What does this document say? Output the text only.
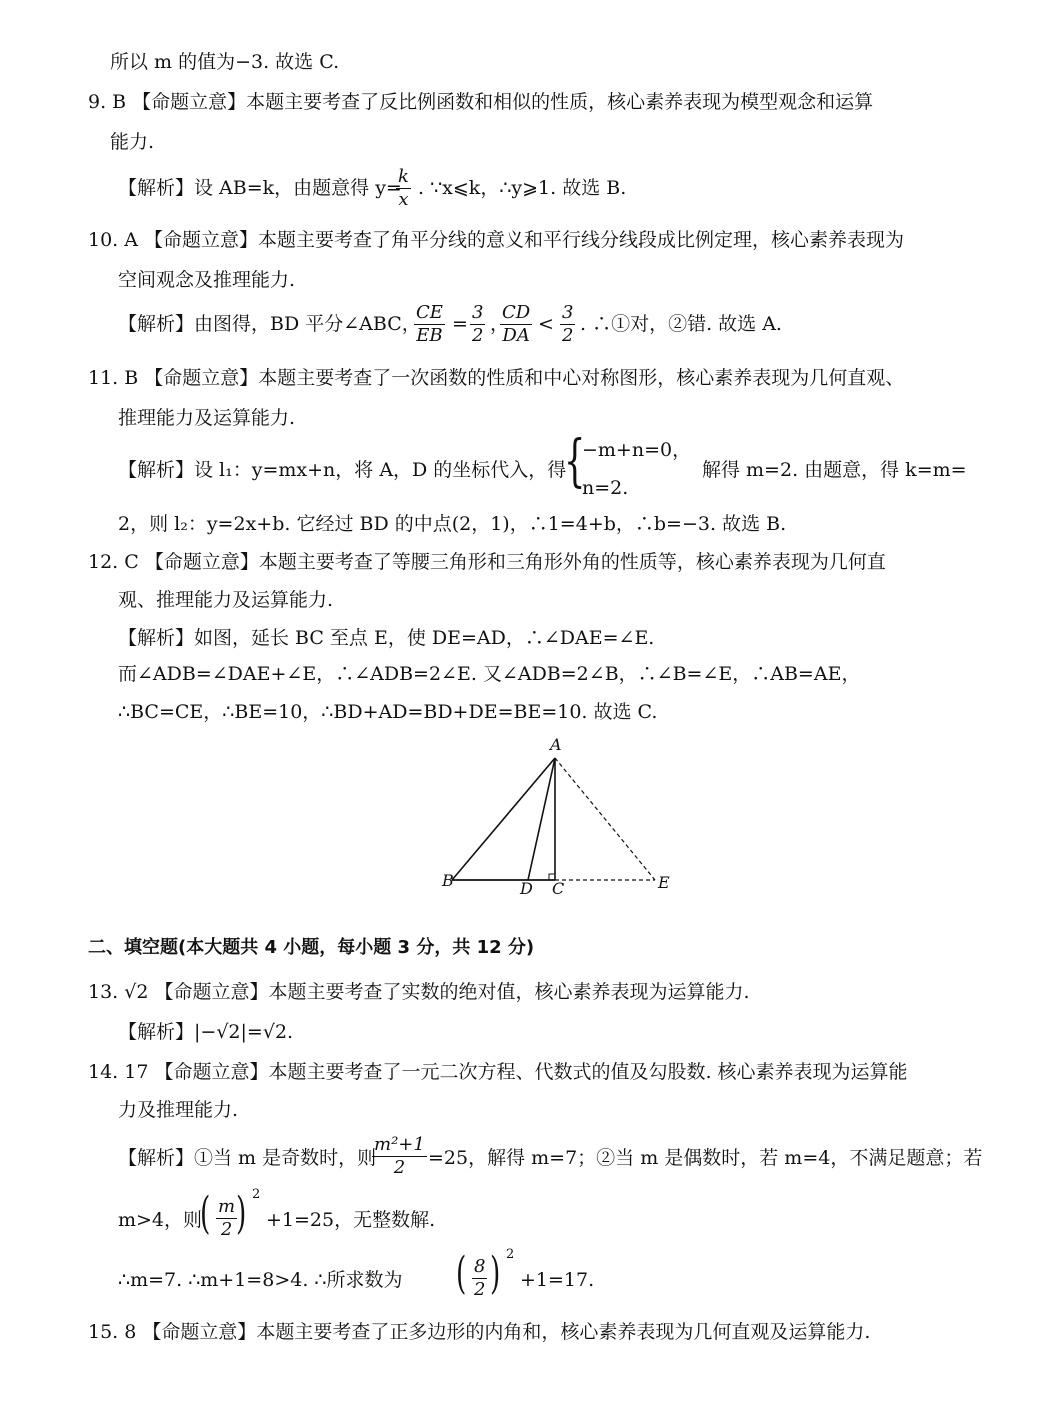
所以 m 的值为−3. 故选 C.
9. B 【命题立意】本题主要考查了反比例函数和相似的性质，核心素养表现为模型观念和运算
能力.
【解析】设 AB=k，由题意得 y=
$\frac{k}{x}$ . ∵x⩽k，∴y⩾1. 故选 B.
10. A 【命题立意】本题主要考查了角平分线的意义和平行线分线段成比例定理，核心素养表现为
空间观念及推理能力.
【解析】由图得，BD 平分∠ABC，
$\frac{CE}{EB} = \frac{3}{2}$ ，
$\frac{CD}{DA} < \frac{3}{2}$ . ∴①对，②错. 故选 A.
11. B 【命题立意】本题主要考查了一次函数的性质和中心对称图形，核心素养表现为几何直观、
推理能力及运算能力.
【解析】设 l₁：y=mx+n，将 A，D 的坐标代入，得
{
−m+n=0，
n=2.
解得 m=2. 由题意，得 k=m=
2，则 l₂：y=2x+b. 它经过 BD 的中点(2，1)，∴1=4+b，∴b=−3. 故选 B.
12. C 【命题立意】本题主要考查了等腰三角形和三角形外角的性质等，核心素养表现为几何直
观、推理能力及运算能力.
【解析】如图，延长 BC 至点 E，使 DE=AD，∴∠DAE=∠E.
而∠ADB=∠DAE+∠E，∴∠ADB=2∠E. 又∠ADB=2∠B，∴∠B=∠E，∴AB=AE，
∴BC=CE，∴BE=10，∴BD+AD=BD+DE=BE=10. 故选 C.
A
B	D C	E
二、填空题(本大题共 4 小题，每小题 3 分，共 12 分)
13. √2 【命题立意】本题主要考查了实数的绝对值，核心素养表现为运算能力.
【解析】|−√2|=√2.
14. 17 【命题立意】本题主要考查了一元二次方程、代数式的值及勾股数. 核心素养表现为运算能
力及推理能力.
【解析】①当 m 是奇数时，则
$\frac{\text{m²+1}}{2} =25$，解得 m=7；②当 m 是偶数时，若 m=4，不满足题意；若
m>4，则
( $\frac{m}{2}$
) 2
+1=25，无整数解.
∴m=7. ∴m+1=8>4. ∴所求数为 ( $\frac{8}{2}$ ) 2
+1=17.
15. 8 【命题立意】本题主要考查了正多边形的内角和，核心素养表现为几何直观及运算能力.
